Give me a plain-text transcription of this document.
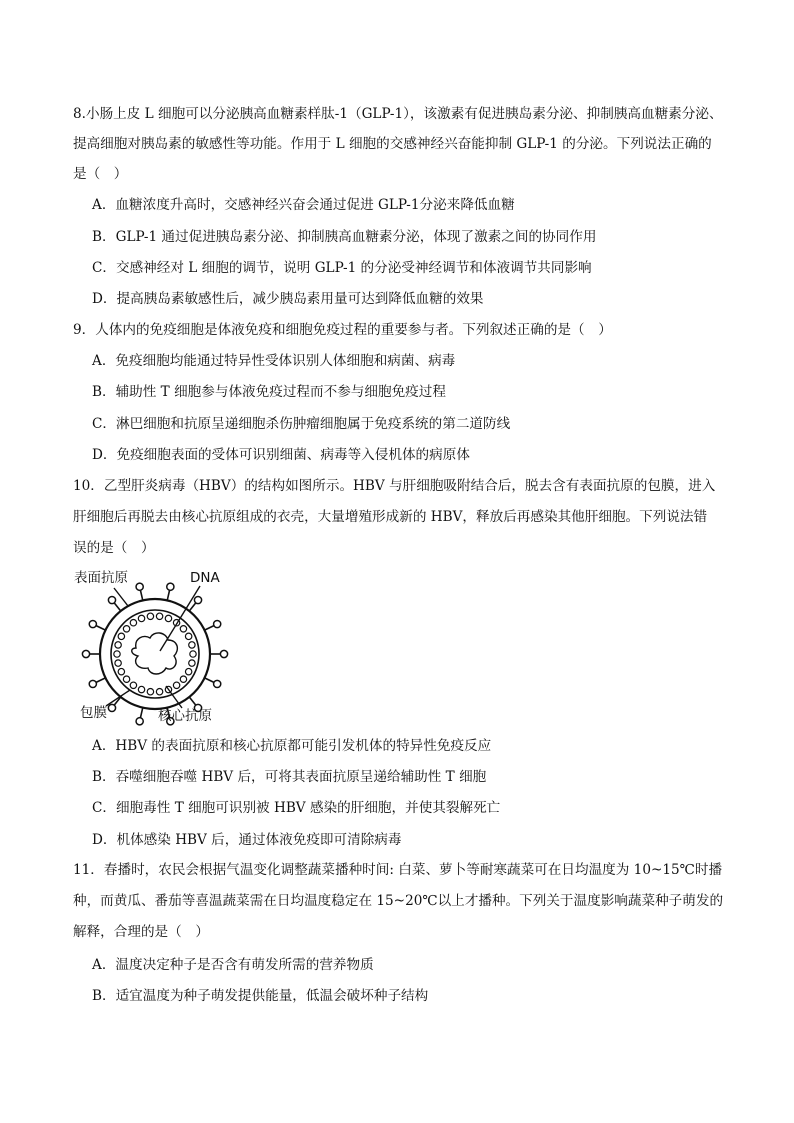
8.小肠上皮 L 细胞可以分泌胰高血糖素样肽-1（GLP-1），该激素有促进胰岛素分泌、抑制胰高血糖素分泌、
提高细胞对胰岛素的敏感性等功能。作用于 L 细胞的交感神经兴奋能抑制 GLP-1 的分泌。下列说法正确的
是（　）
A．血糖浓度升高时，交感神经兴奋会通过促进 GLP-1分泌来降低血糖
B．GLP-1 通过促进胰岛素分泌、抑制胰高血糖素分泌，体现了激素之间的协同作用
C．交感神经对 L 细胞的调节，说明 GLP-1 的分泌受神经调节和体液调节共同影响
D．提高胰岛素敏感性后，减少胰岛素用量可达到降低血糖的效果
9．人体内的免疫细胞是体液免疫和细胞免疫过程的重要参与者。下列叙述正确的是（　）
A．免疫细胞均能通过特异性受体识别人体细胞和病菌、病毒
B．辅助性 T 细胞参与体液免疫过程而不参与细胞免疫过程
C．淋巴细胞和抗原呈递细胞杀伤肿瘤细胞属于免疫系统的第二道防线
D．免疫细胞表面的受体可识别细菌、病毒等入侵机体的病原体
10．乙型肝炎病毒（HBV）的结构如图所示。HBV 与肝细胞吸附结合后，脱去含有表面抗原的包膜，进入
肝细胞后再脱去由核心抗原组成的衣壳，大量增殖形成新的 HBV，释放后再感染其他肝细胞。下列说法错
误的是（　）
表面抗原	DNA
包膜	核心抗原
A．HBV 的表面抗原和核心抗原都可能引发机体的特异性免疫反应
B．吞噬细胞吞噬 HBV 后，可将其表面抗原呈递给辅助性 T 细胞
C．细胞毒性 T 细胞可识别被 HBV 感染的肝细胞，并使其裂解死亡
D．机体感染 HBV 后，通过体液免疫即可清除病毒
11．春播时，农民会根据气温变化调整蔬菜播种时间: 白菜、萝卜等耐寒蔬菜可在日均温度为 10~15℃时播
种，而黄瓜、番茄等喜温蔬菜需在日均温度稳定在 15~20℃以上才播种。下列关于温度影响蔬菜种子萌发的
解释，合理的是（　）
A．温度决定种子是否含有萌发所需的营养物质
B．适宜温度为种子萌发提供能量，低温会破坏种子结构
